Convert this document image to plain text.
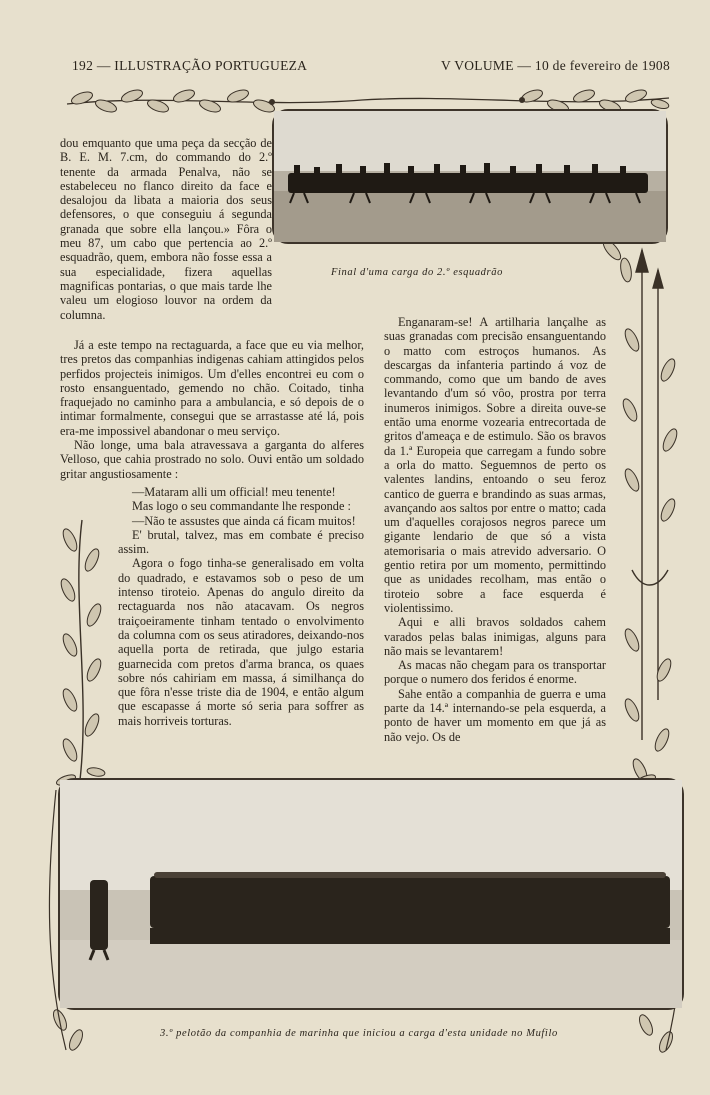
192 — ILLUSTRAÇÃO PORTUGUEZA	V VOLUME — 10 de fevereiro de 1908
Final d'uma carga do 2.º esquadrão

dou emquanto que uma peça da secção de B. E. M. 7.cm, do commando do 2.º tenente da armada Penalva, não se estabeleceu no flanco direito da face e desalojou da libata a maioria dos seus defensores, o que conseguiu á segunda granada que sobre ella lançou.» Fôra o meu 87, um cabo que pertencia ao 2.º esquadrão, quem, embora não fosse essa a sua especialidade, fizera aquellas magnificas pontarias, o que mais tarde lhe valeu um elogioso louvor na ordem da columna.

Já a este tempo na rectaguarda, a face que eu via melhor, tres pretos das companhias indigenas cahiam attingidos pelos perfidos projecteis inimigos. Um d'elles encontrei eu com o rosto ensanguentado, gemendo no chão. Coitado, tinha fraquejado no caminho para a ambulancia, e só depois de o intimar formalmente, consegui que se arrastasse até lá, pois era-me impossivel abandonar o meu serviço.

Não longe, uma bala atravessava a garganta do alferes Velloso, que cahia prostrado no solo. Ouvi então um soldado gritar angustiosamente :

—Mataram alli um official! meu tenente!

Mas logo o seu commandante lhe responde :

—Não te assustes que ainda cá ficam muitos!

E' brutal, talvez, mas em combate é preciso assim.

Agora o fogo tinha-se generalisado em volta do quadrado, e estavamos sob o peso de um intenso tiroteio. Apenas do angulo direito da rectaguarda nos não atacavam. Os negros traiçoeiramente tinham tentado o envolvimento da columna com os seus atiradores, deixando-nos aquella porta de retirada, que julgo estaria guarnecida com pretos d'arma branca, os quaes sobre nós cahiriam em massa, á similhança do que fôra n'esse triste dia de 1904, e então algum que escapasse á morte só seria para soffrer as mais horriveis torturas.

Enganaram-se! A artilharia lançalhe as suas granadas com precisão ensanguentando o matto com estroços humanos. As descargas da infanteria partindo á voz de commando, como que um bando de aves levantando d'um só vôo, prostra por terra inumeros inimigos. Sobre a direita ouve-se então uma enorme vozearia entrecortada de gritos d'ameaça e de estimulo. São os bravos da 1.ª Europeia que carregam a fundo sobre a orla do matto. Seguemnos de perto os valentes landins, entoando o seu feroz cantico de guerra e brandindo as suas armas, avançando aos saltos por entre o matto; cada um d'aquelles corajosos negros parece um gigante lendario de que só a vista atemorisaria o mais atrevido adversario. O gentio retira por um momento, permittindo que as unidades recolham, mas então o tiroteio sobre a face esquerda é violentissimo.

Aqui e alli bravos soldados cahem varados pelas balas inimigas, alguns para não mais se levantarem!

As macas não chegam para os transportar porque o numero dos feridos é enorme.

Sahe então a companhia de guerra e uma parte da 14.ª internando-se pela esquerda, a ponto de haver um momento em que já as não vejo. Os de

3.º pelotão da companhia de marinha que iniciou a carga d'esta unidade no Mufilo
